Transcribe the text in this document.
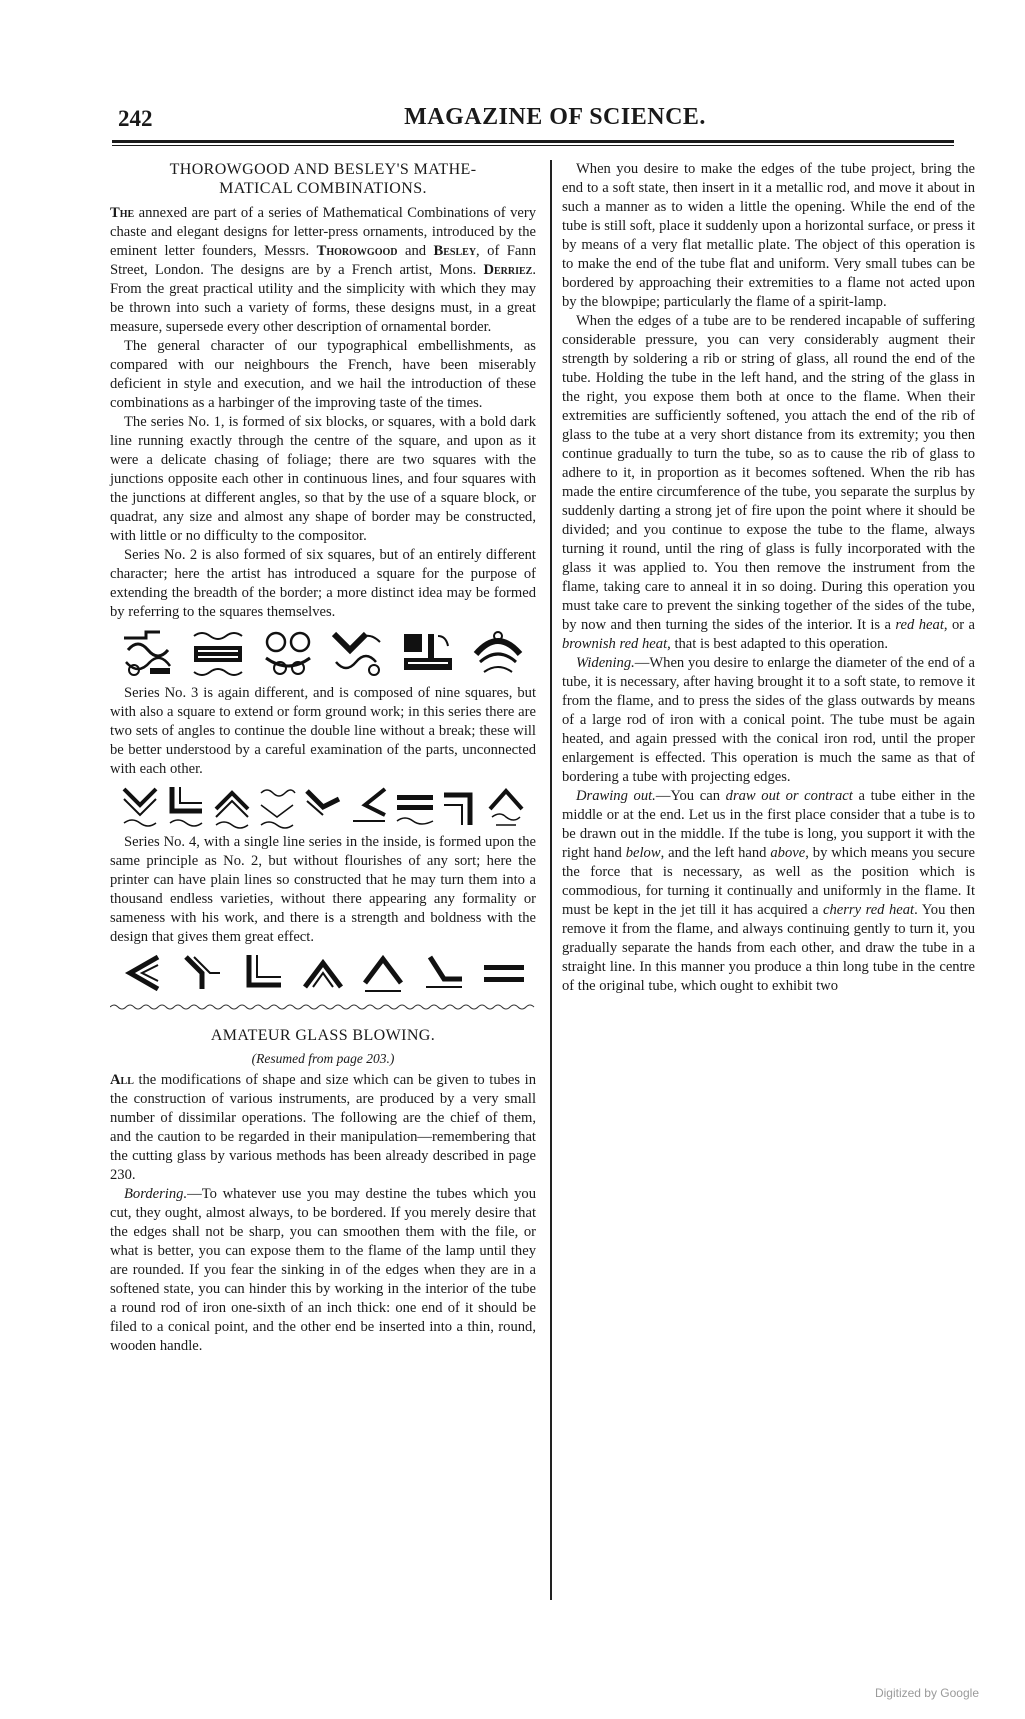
242	MAGAZINE OF SCIENCE.
THOROWGOOD AND BESLEY'S MATHE-
MATICAL COMBINATIONS.

The annexed are part of a series of Mathematical Combinations of very chaste and elegant designs for letter-press ornaments, introduced by the eminent letter founders, Messrs. Thorowgood and Besley, of Fann Street, London. The designs are by a French artist, Mons. Derriez. From the great practical utility and the simplicity with which they may be thrown into such a variety of forms, these designs must, in a great measure, supersede every other description of ornamental border.

The general character of our typographical embellishments, as compared with our neighbours the French, have been miserably deficient in style and execution, and we hail the introduction of these combinations as a harbinger of the improving taste of the times.

The series No. 1, is formed of six blocks, or squares, with a bold dark line running exactly through the centre of the square, and upon as it were a delicate chasing of foliage; there are two squares with the junctions opposite each other in continuous lines, and four squares with the junctions at different angles, so that by the use of a square block, or quadrat, any size and almost any shape of border may be constructed, with little or no difficulty to the compositor.

Series No. 2 is also formed of six squares, but of an entirely different character; here the artist has introduced a square for the purpose of extending the breadth of the border; a more distinct idea may be formed by referring to the squares themselves.

Series No. 3 is again different, and is composed of nine squares, but with also a square to extend or form ground work; in this series there are two sets of angles to continue the double line without a break; these will be better understood by a careful examination of the parts, unconnected with each other.

Series No. 4, with a single line series in the inside, is formed upon the same principle as No. 2, but without flourishes of any sort; here the printer can have plain lines so constructed that he may turn them into a thousand endless varieties, without there appearing any formality or sameness with his work, and there is a strength and boldness with the design that gives them great effect.

AMATEUR GLASS BLOWING.
(Resumed from page 203.)

All the modifications of shape and size which can be given to tubes in the construction of various instruments, are produced by a very small number of dissimilar operations. The following are the chief of them, and the caution to be regarded in their manipulation—remembering that the cutting glass by various methods has been already described in page 230.

Bordering.—To whatever use you may destine the tubes which you cut, they ought, almost always, to be bordered. If you merely desire that the edges shall not be sharp, you can smoothen them with the file, or what is better, you can expose them to the flame of the lamp until they are rounded. If you fear the sinking in of the edges when they are in a softened state, you can hinder this by working in the interior of the tube a round rod of iron one-sixth of an inch thick: one end of it should be filed to a conical point, and the other end be inserted into a thin, round, wooden handle.

When you desire to make the edges of the tube project, bring the end to a soft state, then insert in it a metallic rod, and move it about in such a manner as to widen a little the opening. While the end of the tube is still soft, place it suddenly upon a horizontal surface, or press it by means of a very flat metallic plate. The object of this operation is to make the end of the tube flat and uniform. Very small tubes can be bordered by approaching their extremities to a flame not acted upon by the blowpipe; particularly the flame of a spirit-lamp.

When the edges of a tube are to be rendered incapable of suffering considerable pressure, you can very considerably augment their strength by soldering a rib or string of glass, all round the end of the tube. Holding the tube in the left hand, and the string of the glass in the right, you expose them both at once to the flame. When their extremities are sufficiently softened, you attach the end of the rib of glass to the tube at a very short distance from its extremity; you then continue gradually to turn the tube, so as to cause the rib of glass to adhere to it, in proportion as it becomes softened. When the rib has made the entire circumference of the tube, you separate the surplus by suddenly darting a strong jet of fire upon the point where it should be divided; and you continue to expose the tube to the flame, always turning it round, until the ring of glass is fully incorporated with the glass it was applied to. You then remove the instrument from the flame, taking care to anneal it in so doing. During this operation you must take care to prevent the sinking together of the sides of the tube, by now and then turning the sides of the interior. It is a red heat, or a brownish red heat, that is best adapted to this operation.

Widening.—When you desire to enlarge the diameter of the end of a tube, it is necessary, after having brought it to a soft state, to remove it from the flame, and to press the sides of the glass outwards by means of a large rod of iron with a conical point. The tube must be again heated, and again pressed with the conical iron rod, until the proper enlargement is effected. This operation is much the same as that of bordering a tube with projecting edges.

Drawing out.—You can draw out or contract a tube either in the middle or at the end. Let us in the first place consider that a tube is to be drawn out in the middle. If the tube is long, you support it with the right hand below, and the left hand above, by which means you secure the force that is necessary, as well as the position which is commodious, for turning it continually and uniformly in the flame. It must be kept in the jet till it has acquired a cherry red heat. You then remove it from the flame, and always continuing gently to turn it, you gradually separate the hands from each other, and draw the tube in a straight line. In this manner you produce a thin long tube in the centre of the original tube, which ought to exhibit two

Digitized by Google
